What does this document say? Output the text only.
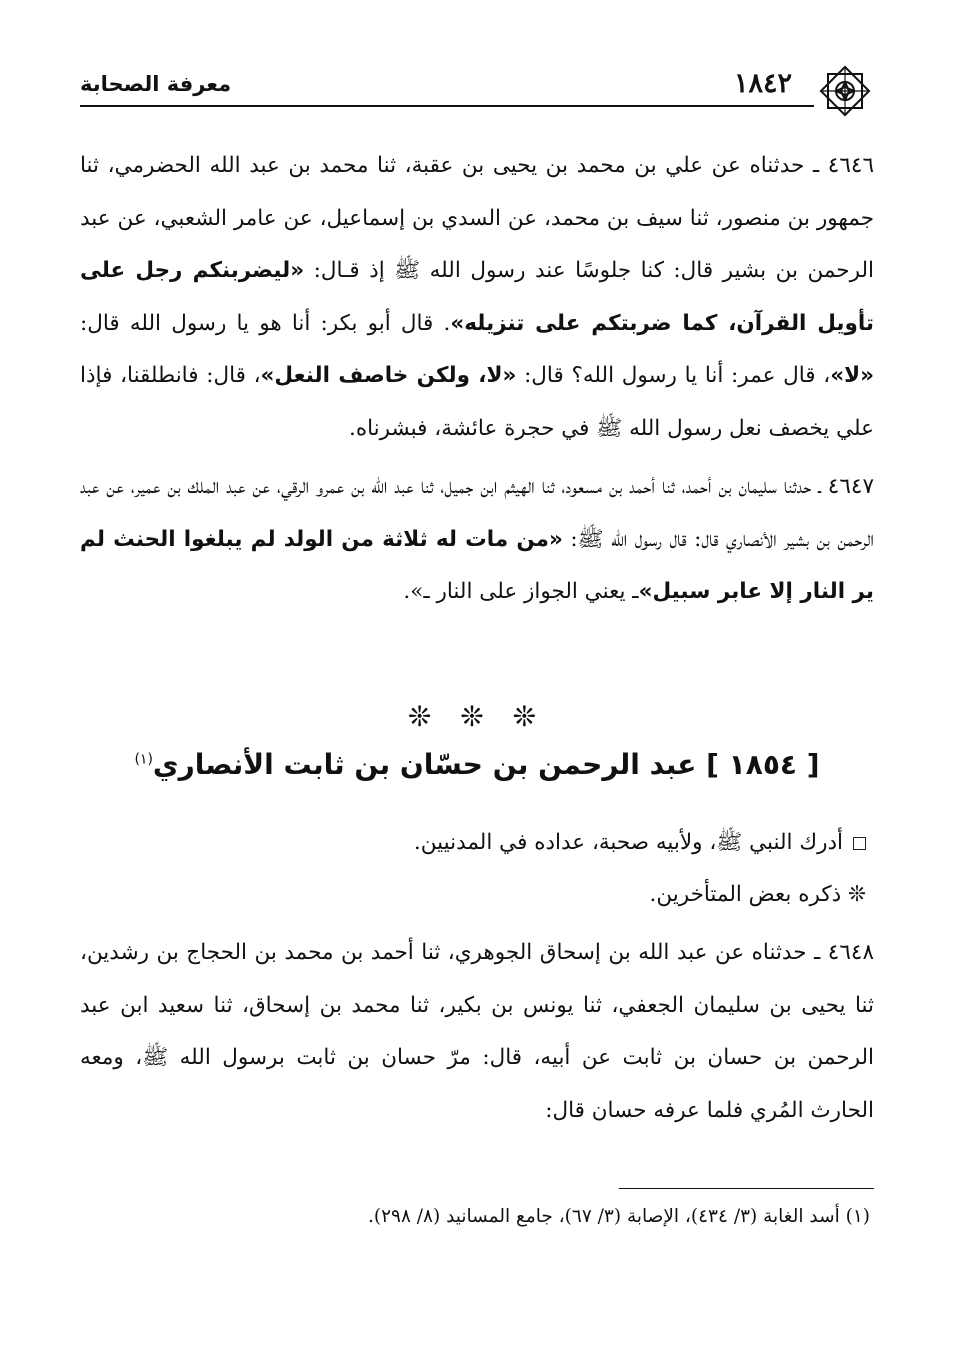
١٨٤٢
معرفة الصحابة

٤٦٤٦ ـ حدثناه عن علي بن محمد بن يحيى بن عقبة، ثنا محمد بن عبد الله الحضرمي، ثنا جمهور بن منصور، ثنا سيف بن محمد، عن السدي بن إسماعيل، عن عامر الشعبي، عن عبد الرحمن بن بشير قال: كنا جلوسًا عند رسول الله ﷺ إذ قـال: «ليضربنكم رجل على تأويل القرآن، كما ضربتكم على تنزيله». قال أبو بكر: أنا هو يا رسول الله قال: «لا»، قال عمر: أنا يا رسول الله؟ قال: «لا، ولكن خاصف النعل»، قال: فانطلقنا، فإذا علي يخصف نعل رسول الله ﷺ في حجرة عائشة، فبشرناه.

٤٦٤٧ ـ حدثنا سليمان بن أحمد، ثنا أحمد بن مسعود، ثنا الهيثم ابن جميل، ثنا عبد الله بن عمرو الرقي، عن عبد الملك بن عمير، عن عبد الرحمن بن بشير الأنصاري قال: قال رسول الله ﷺ: «من مات له ثلاثة من الولد لم يبلغوا الحنث لم ير النار إلا عابر سبيل»ـ يعني الجواز على النار ـ».

❊ ❊ ❊
[ ١٨٥٤ ] عبد الرحمن بن حسّان بن ثابت الأنصاري$^{(١)}$

أدرك النبي ﷺ، ولأبيه صحبة، عداده في المدنيين.

❊ ذكره بعض المتأخرين.

٤٦٤٨ ـ حدثناه عن عبد الله بن إسحاق الجوهري، ثنا أحمد بن محمد بن الحجاج بن رشدين، ثنا يحيى بن سليمان الجعفي، ثنا يونس بن بكير، ثنا محمد بن إسحاق، ثنا سعيد ابن عبد الرحمن بن حسان بن ثابت عن أبيه، قال: مرّ حسان بن ثابت برسول الله ﷺ، ومعه الحارث المُري فلما عرفه حسان قال:

(١) أسد الغابة (٣/ ٤٣٤)، الإصابة (٣/ ٦٧)، جامع المسانيد (٨/ ٢٩٨).
